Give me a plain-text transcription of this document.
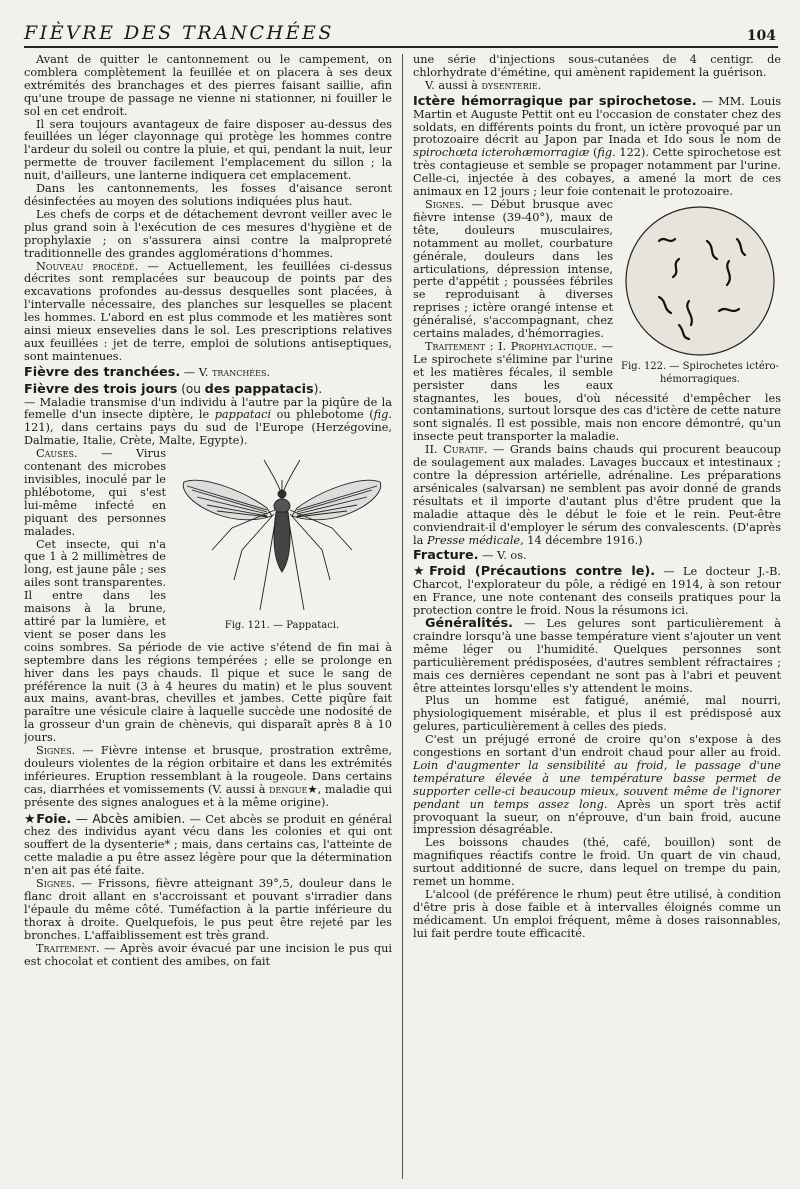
FIÈVRE DES TRANCHÉES	104

Avant de quitter le cantonnement ou le campement, on comblera complètement la feuillée et on placera à ses deux extrémités des branchages et des pierres faisant saillie, afin qu'une troupe de passage ne vienne ni stationner, ni fouiller le sol en cet endroit.

Il sera toujours avantageux de faire disposer au-dessus des feuillées un léger clayonnage qui protège les hommes contre l'ardeur du soleil ou contre la pluie, et qui, pendant la nuit, leur permette de trouver facilement l'emplacement du sillon ; la nuit, d'ailleurs, une lanterne indiquera cet emplacement.

Dans les cantonnements, les fosses d'aisance seront désinfectées au moyen des solutions indiquées plus haut.

Les chefs de corps et de détachement devront veiller avec le plus grand soin à l'exécution de ces mesures d'hygiène et de prophylaxie ; on s'assurera ainsi contre la malpropreté traditionnelle des grandes agglomérations d'hommes.

Nouveau procédé. — Actuellement, les feuillées ci-dessus décrites sont remplacées sur beaucoup de points par des excavations profondes au-dessus desquelles sont placées, à l'intervalle nécessaire, des planches sur lesquelles se placent les hommes. L'abord en est plus commode et les matières sont ainsi mieux ensevelies dans le sol. Les prescriptions relatives aux feuillées : jet de terre, emploi de solutions antiseptiques, sont maintenues.

Fièvre des tranchées. — V. tranchées.

Fièvre des trois jours (ou des pappatacis).

— Maladie transmise d'un individu à l'autre par la piqûre de la femelle d'un insecte diptère, le pappataci ou phlebotome (fig. 121), dans certains pays du sud de l'Europe (Herzégovine, Dalmatie, Italie, Crète, Malte, Egypte).

Fig. 121. — Pappataci.

Causes. — Virus contenant des microbes invisibles, inoculé par le phlébotome, qui s'est lui-même infecté en piquant des personnes malades.

Cet insecte, qui n'a que 1 à 2 millimètres de long, est jaune pâle ; ses ailes sont transparentes. Il entre dans les maisons à la brune, attiré par la lumière, et vient se poser dans les coins sombres. Sa période de vie active s'étend de fin mai à septembre dans les régions tempérées ; elle se prolonge en hiver dans les pays chauds. Il pique et suce le sang de préférence la nuit (3 à 4 heures du matin) et le plus souvent aux mains, avant-bras, chevilles et jambes. Cette piqûre fait paraître une vésicule claire à laquelle succède une nodosité de la grosseur d'un grain de chènevis, qui disparaît après 8 à 10 jours.

Signes. — Fièvre intense et brusque, prostration extrême, douleurs violentes de la région orbitaire et dans les extrémités inférieures. Eruption ressemblant à la rougeole. Dans certains cas, diarrhées et vomissements (V. aussi à dengue★, maladie qui présente des signes analogues et à la même origine).

★Foie. — Abcès amibien. — Cet abcès se produit en général chez des individus ayant vécu dans les colonies et qui ont souffert de la dysenterie* ; mais, dans certains cas, l'atteinte de cette maladie a pu être assez légère pour que la détermination n'en ait pas été faite.

Signes. — Frissons, fièvre atteignant 39°,5, douleur dans le flanc droit allant en s'accroissant et pouvant s'irradier dans l'épaule du même côté. Tuméfaction à la partie inférieure du thorax à droite. Quelquefois, le pus peut être rejeté par les bronches. L'affaiblissement est très grand.

Traitement. — Après avoir évacué par une incision le pus qui est chocolat et contient des amibes, on fait

une série d'injections sous-cutanées de 4 centigr. de chlorhydrate d'émétine, qui amènent rapidement la guérison.

V. aussi à dysenterie.

Ictère hémorragique par spirochetose. — MM. Louis Martin et Auguste Pettit ont eu l'occasion de constater chez des soldats, en différents points du front, un ictère provoqué par un protozoaire décrit au Japon par Inada et Ido sous le nom de spirochœta icterohæmorragiæ (fig. 122). Cette spirochetose est très contagieuse et semble se propager notamment par l'urine. Celle-ci, injectée à des cobayes, a amené la mort de ces animaux en 12 jours ; leur foie contenait le protozoaire.

Fig. 122. — Spirochetes ictéro-hémorragiques.

Signes. — Début brusque avec fièvre intense (39-40°), maux de tête, douleurs musculaires, notamment au mollet, courbature générale, douleurs dans les articulations, dépression intense, perte d'appétit ; poussées fébriles se reproduisant à diverses reprises ; ictère orangé intense et généralisé, s'accompagnant, chez certains malades, d'hémorragies.

Traitement : I. Prophylactique. — Le spirochete s'élimine par l'urine et les matières fécales, il semble persister dans les eaux stagnantes, les boues, d'où nécessité d'empêcher les contaminations, surtout lorsque des cas d'ictère de cette nature sont signalés. Il est possible, mais non encore démontré, qu'un insecte peut transporter la maladie.

II. Curatif. — Grands bains chauds qui procurent beaucoup de soulagement aux malades. Lavages buccaux et intestinaux ; contre la dépression artérielle, adrénaline. Les préparations arsénicales (salvarsan) ne semblent pas avoir donné de grands résultats et il importe d'autant plus d'être prudent que la maladie attaque dès le début le foie et le rein. Peut-être conviendrait-il d'employer le sérum des convalescents. (D'après la Presse médicale, 14 décembre 1916.)

Fracture. — V. os.

★Froid (Précautions contre le). — Le docteur J.-B. Charcot, l'explorateur du pôle, a rédigé en 1914, à son retour en France, une note contenant des conseils pratiques pour la protection contre le froid. Nous la résumons ici.

Généralités. — Les gelures sont particulièrement à craindre lorsqu'à une basse température vient s'ajouter un vent même léger ou l'humidité. Quelques personnes sont particulièrement prédisposées, d'autres semblent réfractaires ; mais ces dernières cependant ne sont pas à l'abri et peuvent être atteintes lorsqu'elles s'y attendent le moins.

Plus un homme est fatigué, anémié, mal nourri, physiologiquement misérable, et plus il est prédisposé aux gelures, particulièrement à celles des pieds.

C'est un préjugé erroné de croire qu'on s'expose à des congestions en sortant d'un endroit chaud pour aller au froid. Loin d'augmenter la sensibilité au froid, le passage d'une température élevée à une température basse permet de supporter celle-ci beaucoup mieux, souvent même de l'ignorer pendant un temps assez long. Après un sport très actif provoquant la sueur, on n'éprouve, d'un bain froid, aucune impression désagréable.

Les boissons chaudes (thé, café, bouillon) sont de magnifiques réactifs contre le froid. Un quart de vin chaud, surtout additionné de sucre, dans lequel on trempe du pain, remet un homme.

L'alcool (de préférence le rhum) peut être utilisé, à condition d'être pris à dose faible et à intervalles éloignés comme un médicament. Un emploi fréquent, même à doses raisonnables, lui fait perdre toute efficacité.
